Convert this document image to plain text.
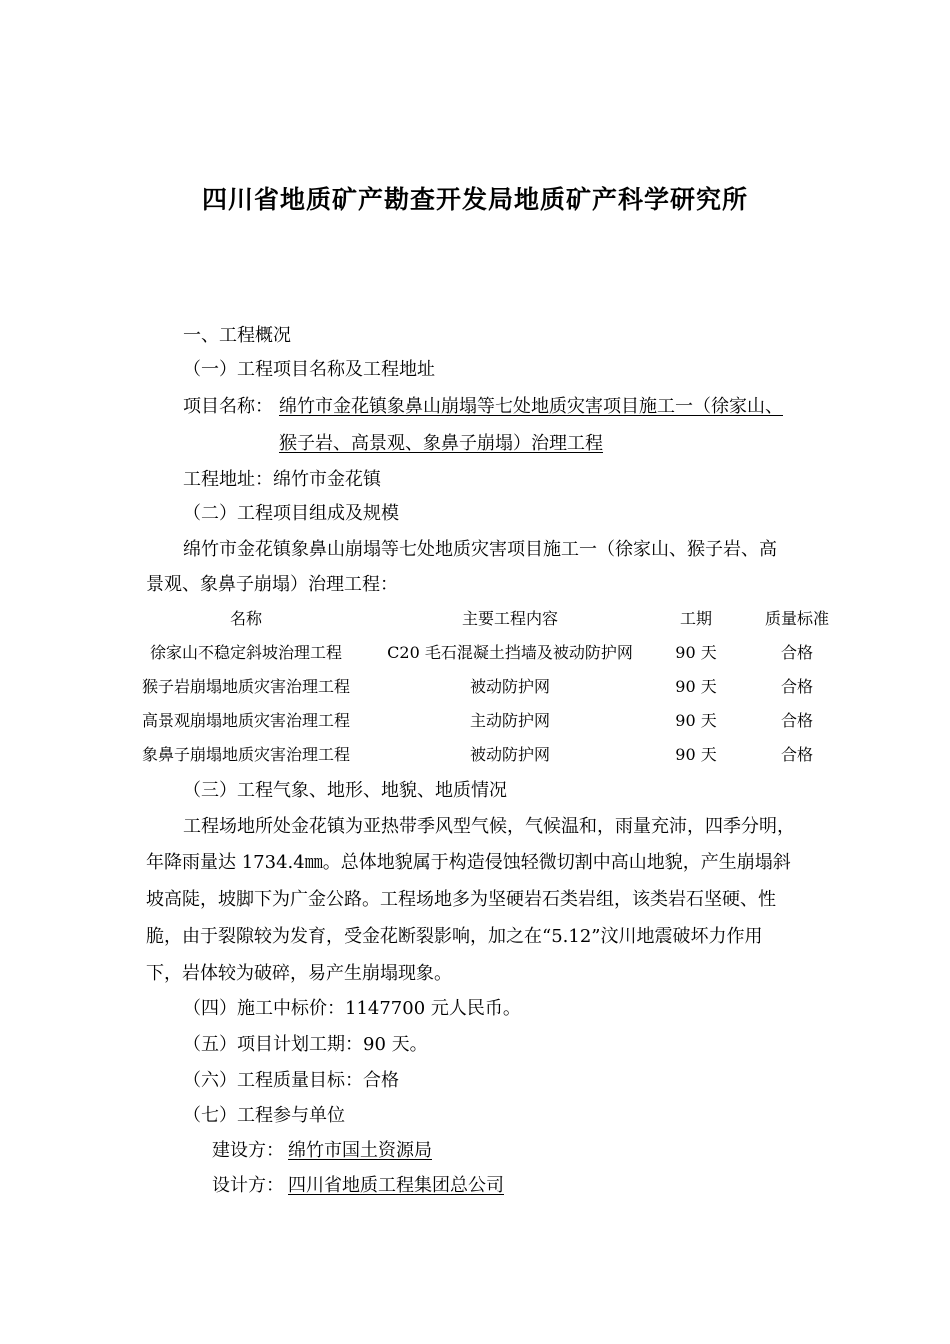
四川省地质矿产勘查开发局地质矿产科学研究所
一、工程概况
（一）工程项目名称及工程地址
项目名称： 绵竹市金花镇象鼻山崩塌等七处地质灾害项目施工一（徐家山、
猴子岩、高景观、象鼻子崩塌）治理工程
工程地址：绵竹市金花镇
（二）工程项目组成及规模
绵竹市金花镇象鼻山崩塌等七处地质灾害项目施工一（徐家山、猴子岩、高
景观、象鼻子崩塌）治理工程：
名称	主要工程内容	工期	质量标准
徐家山不稳定斜坡治理工程	C20 毛石混凝土挡墙及被动防护网	90 天	合格
猴子岩崩塌地质灾害治理工程	被动防护网	90 天	合格
高景观崩塌地质灾害治理工程	主动防护网	90 天	合格
象鼻子崩塌地质灾害治理工程	被动防护网	90 天	合格
（三）工程气象、地形、地貌、地质情况
工程场地所处金花镇为亚热带季风型气候，气候温和，雨量充沛，四季分明，
年降雨量达 1734.4㎜。总体地貌属于构造侵蚀轻微切割中高山地貌，产生崩塌斜
坡高陡，坡脚下为广金公路。工程场地多为坚硬岩石类岩组，该类岩石坚硬、性
脆，由于裂隙较为发育，受金花断裂影响，加之在“5.12”汶川地震破坏力作用
下，岩体较为破碎，易产生崩塌现象。
（四）施工中标价：1147700 元人民币。
（五）项目计划工期：90 天。
（六）工程质量目标：合格
（七）工程参与单位
建设方： 绵竹市国土资源局
设计方： 四川省地质工程集团总公司
